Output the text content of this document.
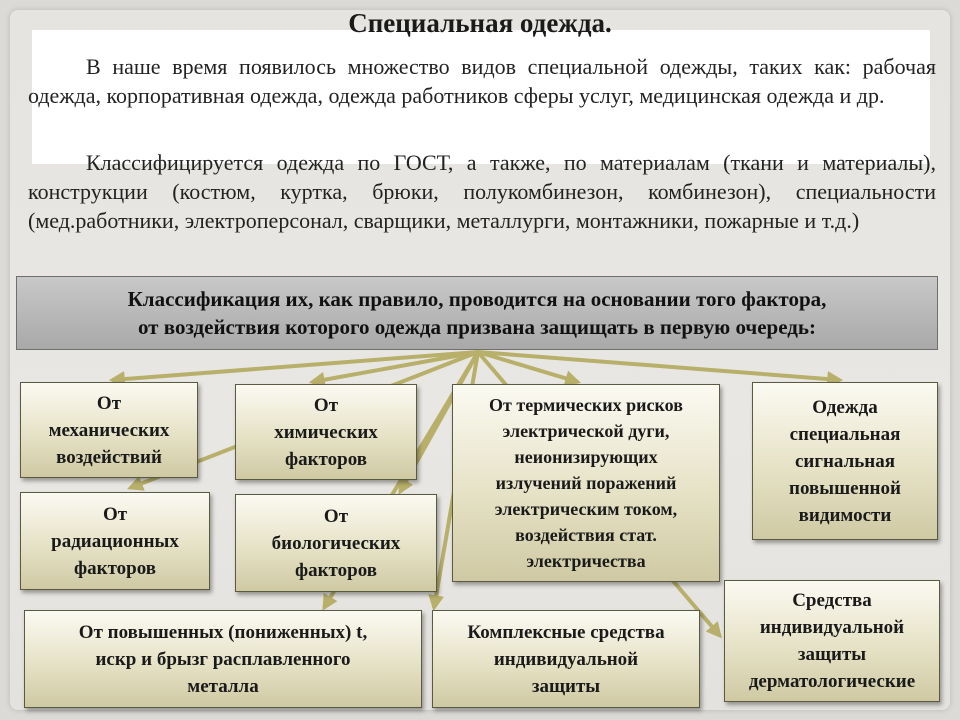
Специальная одежда.

В наше время появилось множество видов специальной одежды, таких как: рабочая одежда, корпоративная одежда, одежда работников сферы услуг, медицинская одежда и др.

Классифицируется одежда по ГОСТ, а также, по материалам (ткани и материалы), конструкции (костюм, куртка, брюки, полукомбинезон, комбинезон), специальности (мед.работники, электроперсонал, сварщики, металлурги, монтажники, пожарные и т.д.)

Классификация их, как правило, проводится на основании того фактора,
от воздействия которого одежда призвана защищать в первую очередь:
От
механических
воздействий
От
химических
факторов
От термических рисков
электрической дуги,
неионизирующих
излучений поражений
электрическим током,
воздействия стат.
электричества
Одежда
специальная
сигнальная
повышенной
видимости
От
радиационных
факторов
От
биологических
факторов
От повышенных (пониженных) t,
искр и брызг расплавленного
металла
Комплексные средства
индивидуальной
защиты
Средства
индивидуальной
защиты
дерматологические
